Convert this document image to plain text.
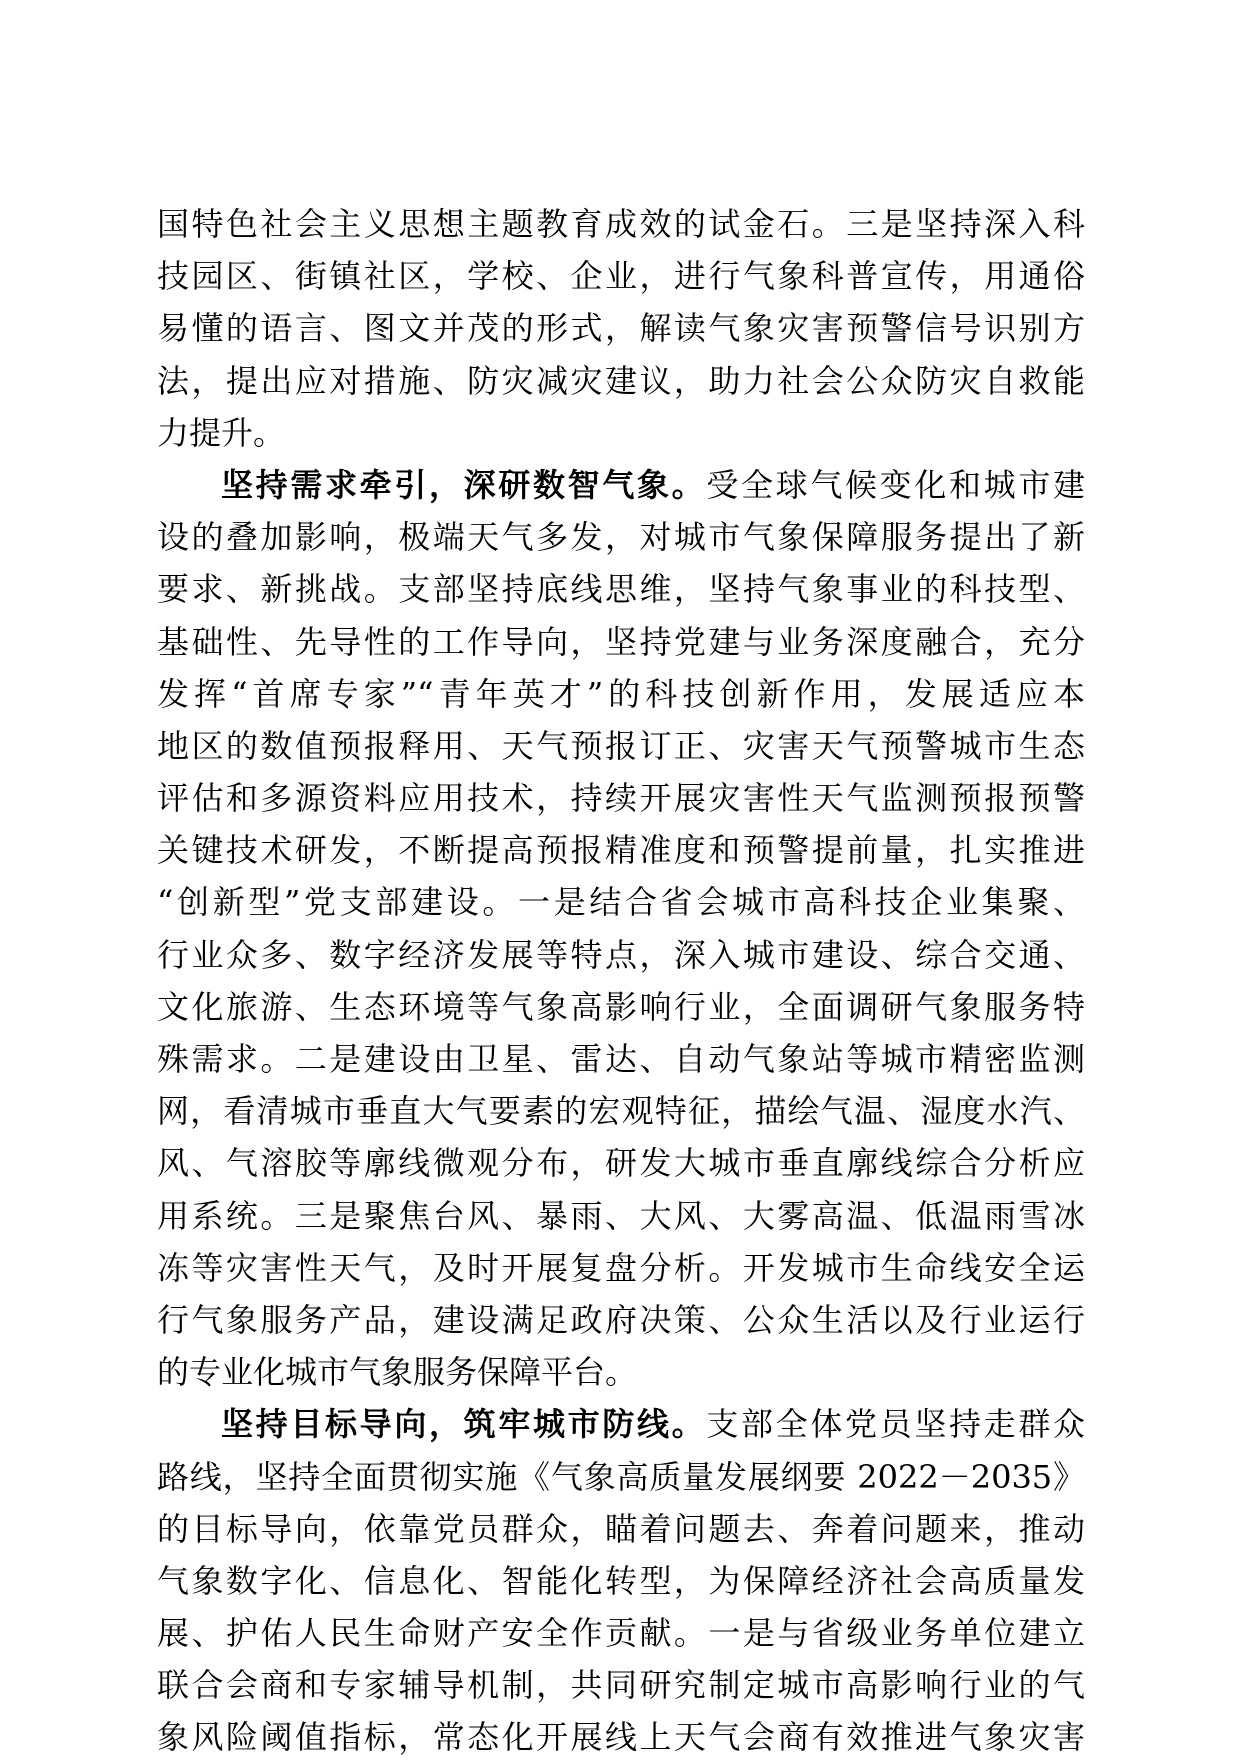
国特色社会主义思想主题教育成效的试金石。三是坚持深入科
技园区、街镇社区，学校、企业，进行气象科普宣传，用通俗
易懂的语言、图文并茂的形式，解读气象灾害预警信号识别方
法，提出应对措施、防灾减灾建议，助力社会公众防灾自救能
力提升。
坚持需求牵引，深研数智气象。受全球气候变化和城市建
设的叠加影响，极端天气多发，对城市气象保障服务提出了新
要求、新挑战。支部坚持底线思维，坚持气象事业的科技型、
基础性、先导性的工作导向，坚持党建与业务深度融合，充分
发挥“首席专家”“青年英才”的科技创新作用，发展适应本
地区的数值预报释用、天气预报订正、灾害天气预警城市生态
评估和多源资料应用技术，持续开展灾害性天气监测预报预警
关键技术研发，不断提高预报精准度和预警提前量，扎实推进
“创新型”党支部建设。一是结合省会城市高科技企业集聚、
行业众多、数字经济发展等特点，深入城市建设、综合交通、
文化旅游、生态环境等气象高影响行业，全面调研气象服务特
殊需求。二是建设由卫星、雷达、自动气象站等城市精密监测
网，看清城市垂直大气要素的宏观特征，描绘气温、湿度水汽、
风、气溶胶等廓线微观分布，研发大城市垂直廓线综合分析应
用系统。三是聚焦台风、暴雨、大风、大雾高温、低温雨雪冰
冻等灾害性天气，及时开展复盘分析。开发城市生命线安全运
行气象服务产品，建设满足政府决策、公众生活以及行业运行
的专业化城市气象服务保障平台。
坚持目标导向，筑牢城市防线。支部全体党员坚持走群众
路线，坚持全面贯彻实施《气象高质量发展纲要 2022－2035》
的目标导向，依靠党员群众，瞄着问题去、奔着问题来，推动
气象数字化、信息化、智能化转型，为保障经济社会高质量发
展、护佑人民生命财产安全作贡献。一是与省级业务单位建立
联合会商和专家辅导机制，共同研究制定城市高影响行业的气
象风险阈值指标，常态化开展线上天气会商有效推进气象灾害
